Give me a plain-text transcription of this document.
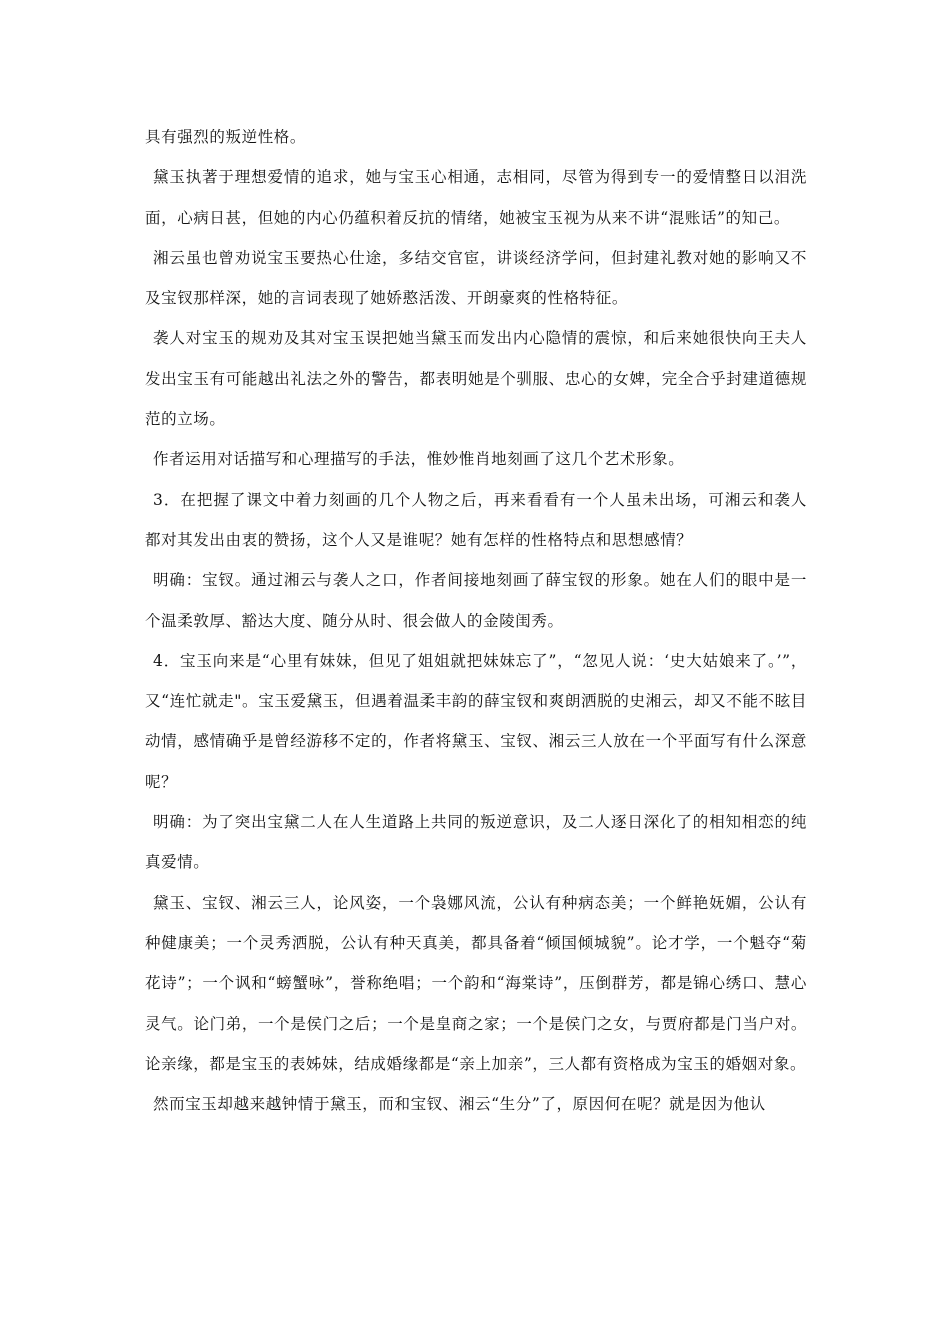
具有强烈的叛逆性格。

黛玉执著于理想爱情的追求，她与宝玉心相通，志相同，尽管为得到专一的爱情整日以泪洗面，心病日甚，但她的内心仍蕴积着反抗的情绪，她被宝玉视为从来不讲“混账话”的知己。

湘云虽也曾劝说宝玉要热心仕途，多结交官宦，讲谈经济学问，但封建礼教对她的影响又不及宝钗那样深，她的言词表现了她娇憨活泼、开朗豪爽的性格特征。

袭人对宝玉的规劝及其对宝玉误把她当黛玉而发出内心隐情的震惊，和后来她很快向王夫人发出宝玉有可能越出礼法之外的警告，都表明她是个驯服、忠心的女婢，完全合乎封建道德规范的立场。

作者运用对话描写和心理描写的手法，惟妙惟肖地刻画了这几个艺术形象。

3．在把握了课文中着力刻画的几个人物之后，再来看看有一个人虽未出场，可湘云和袭人都对其发出由衷的赞扬，这个人又是谁呢？她有怎样的性格特点和思想感情？

明确：宝钗。通过湘云与袭人之口，作者间接地刻画了薛宝钗的形象。她在人们的眼中是一个温柔敦厚、豁达大度、随分从时、很会做人的金陵闺秀。

4．宝玉向来是“心里有妹妹，但见了姐姐就把妹妹忘了”，“忽见人说：‘史大姑娘来了。’”，又“连忙就走"。宝玉爱黛玉，但遇着温柔丰韵的薛宝钗和爽朗洒脱的史湘云，却又不能不眩目动情，感情确乎是曾经游移不定的，作者将黛玉、宝钗、湘云三人放在一个平面写有什么深意呢？

明确：为了突出宝黛二人在人生道路上共同的叛逆意识，及二人逐日深化了的相知相恋的纯真爱情。

黛玉、宝钗、湘云三人，论风姿，一个袅娜风流，公认有种病态美；一个鲜艳妩媚，公认有种健康美；一个灵秀洒脱，公认有种天真美，都具备着“倾国倾城貌”。论才学，一个魁夺“菊花诗”；一个讽和“螃蟹咏”，誉称绝唱；一个韵和“海棠诗”，压倒群芳，都是锦心绣口、慧心灵气。论门弟，一个是侯门之后；一个是皇商之家；一个是侯门之女，与贾府都是门当户对。论亲缘，都是宝玉的表姊妹，结成婚缘都是“亲上加亲”，三人都有资格成为宝玉的婚姻对象。

然而宝玉却越来越钟情于黛玉，而和宝钗、湘云“生分”了，原因何在呢？就是因为他认
